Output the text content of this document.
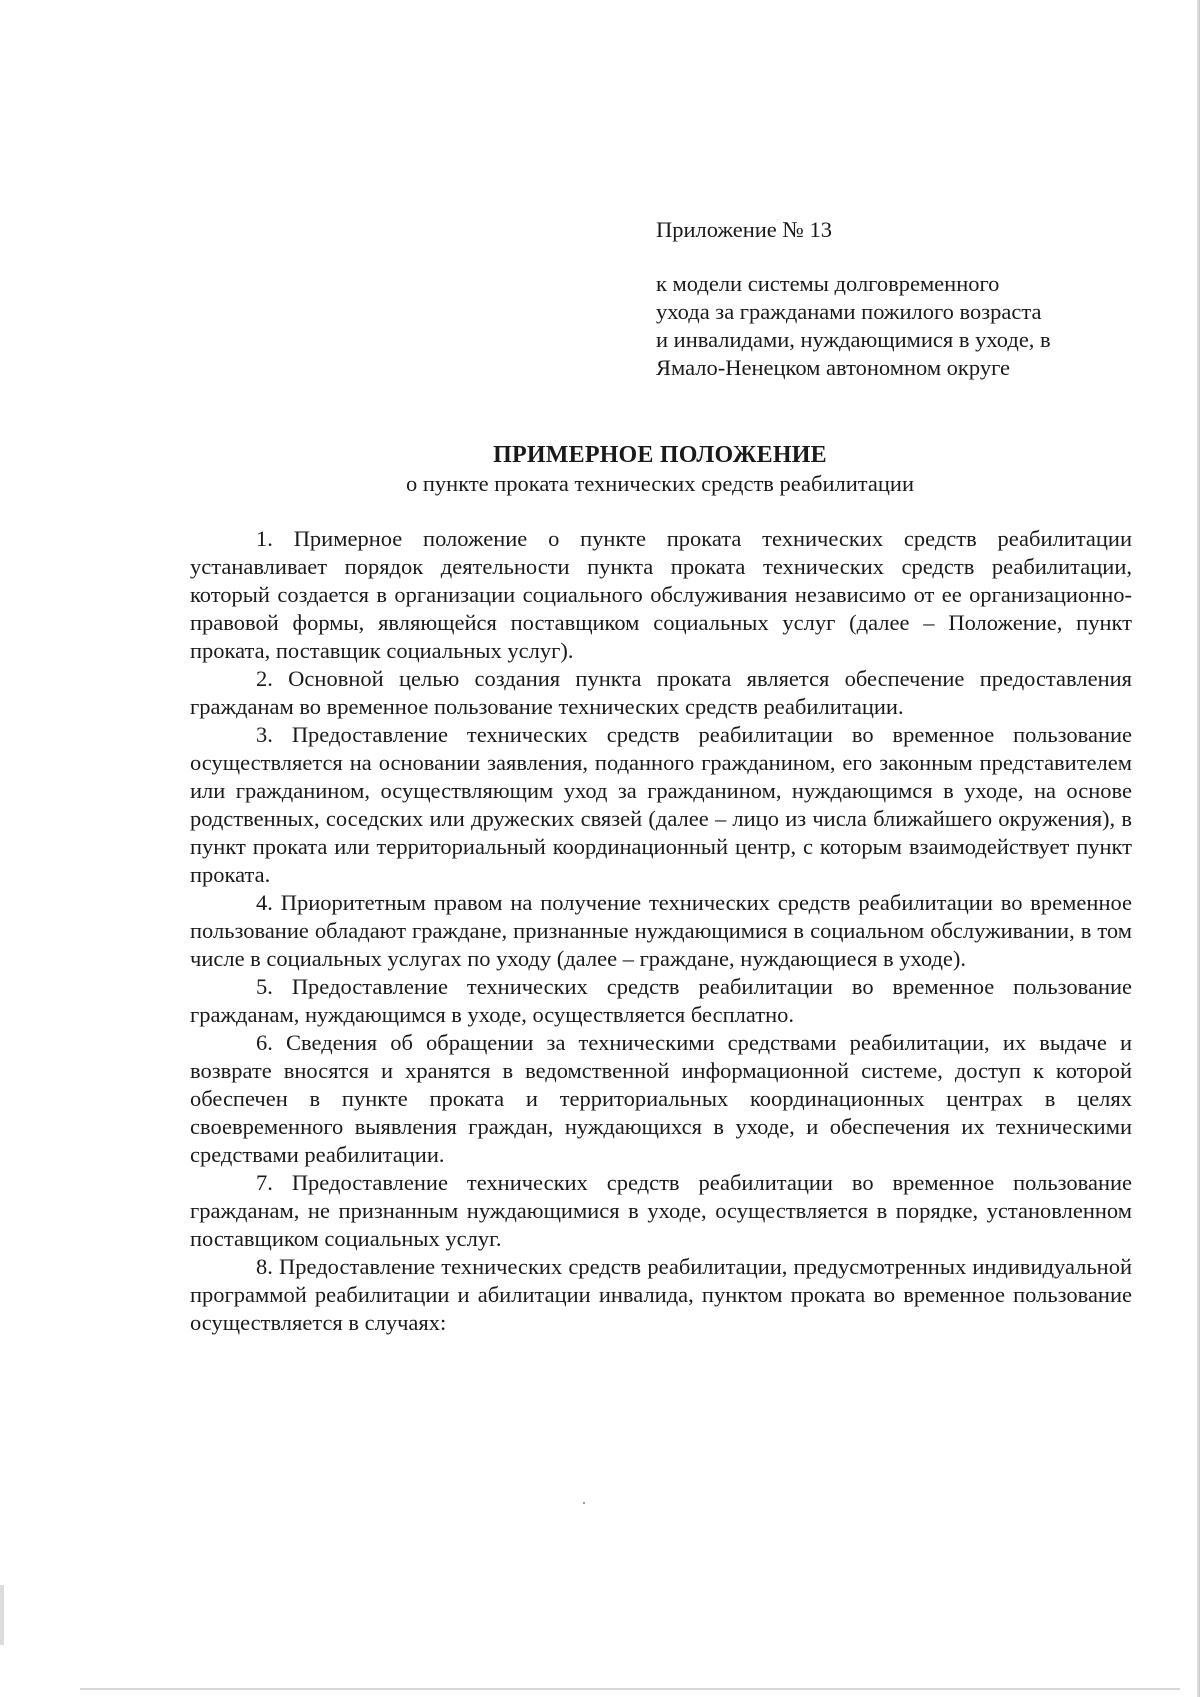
Приложение № 13
к модели системы долговременного
ухода за гражданами пожилого возраста
и инвалидами, нуждающимися в уходе, в
Ямало-Ненецком автономном округе
ПРИМЕРНОЕ ПОЛОЖЕНИЕ
о пункте проката технических средств реабилитации

1. Примерное положение о пункте проката технических средств реабилитации устанавливает порядок деятельности пункта проката технических средств реабилитации, который создается в организации социального обслуживания независимо от ее организационно-правовой формы, являющейся поставщиком социальных услуг (далее – Положение, пункт проката, поставщик социальных услуг).

2. Основной целью создания пункта проката является обеспечение предоставления гражданам во временное пользование технических средств реабилитации.

3. Предоставление технических средств реабилитации во временное пользование осуществляется на основании заявления, поданного гражданином, его законным представителем или гражданином, осуществляющим уход за гражданином, нуждающимся в уходе, на основе родственных, соседских или дружеских связей (далее – лицо из числа ближайшего окружения), в пункт проката или территориальный координационный центр, с которым взаимодействует пункт проката.

4. Приоритетным правом на получение технических средств реабилитации во временное пользование обладают граждане, признанные нуждающимися в социальном обслуживании, в том числе в социальных услугах по уходу (далее – граждане, нуждающиеся в уходе).

5. Предоставление технических средств реабилитации во временное пользование гражданам, нуждающимся в уходе, осуществляется бесплатно.

6. Сведения об обращении за техническими средствами реабилитации, их выдаче и возврате вносятся и хранятся в ведомственной информационной системе, доступ к которой обеспечен в пункте проката и территориальных координационных центрах в целях своевременного выявления граждан, нуждающихся в уходе, и обеспечения их техническими средствами реабилитации.

7. Предоставление технических средств реабилитации во временное пользование гражданам, не признанным нуждающимися в уходе, осуществляется в порядке, установленном поставщиком социальных услуг.

8. Предоставление технических средств реабилитации, предусмотренных индивидуальной программой реабилитации и абилитации инвалида, пунктом проката во временное пользование осуществляется в случаях:
